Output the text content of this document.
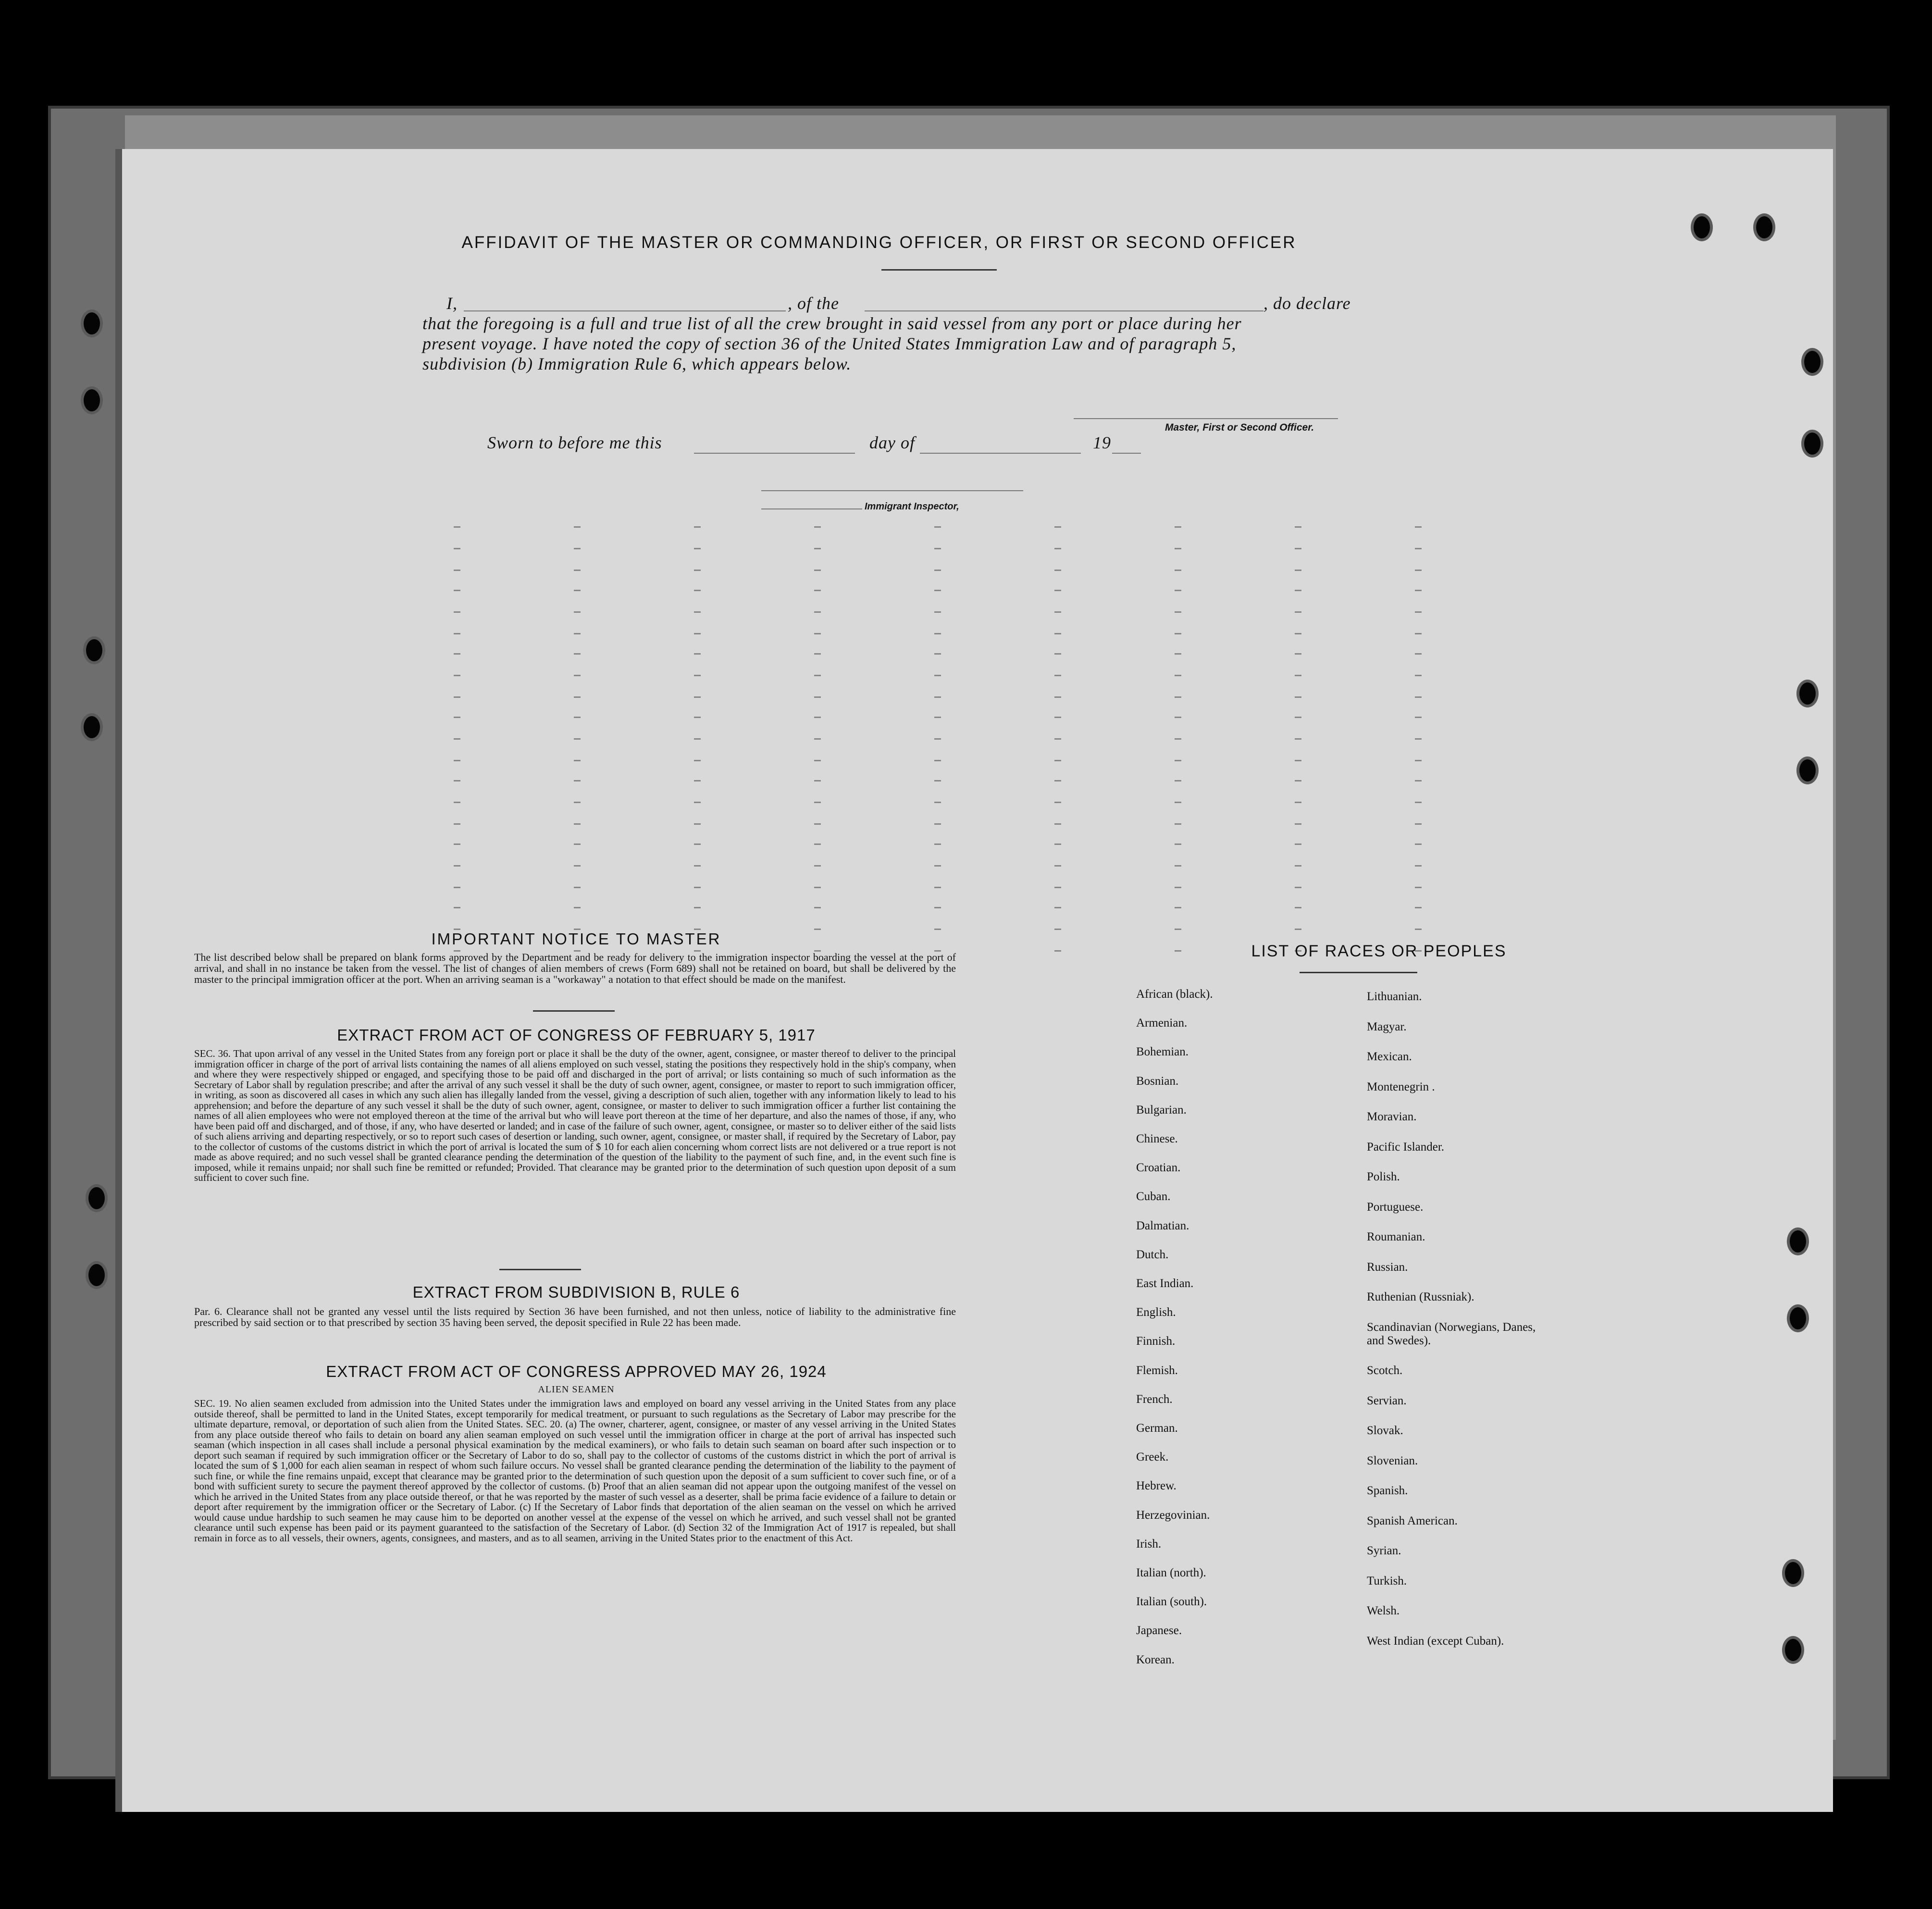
AFFIDAVIT OF THE MASTER OR COMMANDING OFFICER, OR FIRST OR SECOND OFFICER
I,	, of the	, do declare
that the foregoing is a full and true list of all the crew brought in said vessel from any port or place during her
present voyage. I have noted the copy of section 36 of the United States Immigration Law and of paragraph 5,
subdivision (b) Immigration Rule 6, which appears below.
Master, First or Second Officer.
Sworn to before me this	day of	19
Immigrant Inspector,
IMPORTANT NOTICE TO MASTER
The list described below shall be prepared on blank forms approved by the Department and be ready for delivery to the immigration inspector boarding the vessel at the port of arrival, and shall in no instance be taken from the vessel. The list of changes of alien members of crews (Form 689) shall not be retained on board, but shall be delivered by the master to the principal immigration officer at the port. When an arriving seaman is a "workaway" a notation to that effect should be made on the manifest.
EXTRACT FROM ACT OF CONGRESS OF FEBRUARY 5, 1917
SEC. 36. That upon arrival of any vessel in the United States from any foreign port or place it shall be the duty of the owner, agent, consignee, or master thereof to deliver to the principal immigration officer in charge of the port of arrival lists containing the names of all aliens employed on such vessel, stating the positions they respectively hold in the ship's company, when and where they were respectively shipped or engaged, and specifying those to be paid off and discharged in the port of arrival; or lists containing so much of such information as the Secretary of Labor shall by regulation prescribe; and after the arrival of any such vessel it shall be the duty of such owner, agent, consignee, or master to report to such immigration officer, in writing, as soon as discovered all cases in which any such alien has illegally landed from the vessel, giving a description of such alien, together with any information likely to lead to his apprehension; and before the departure of any such vessel it shall be the duty of such owner, agent, consignee, or master to deliver to such immigration officer a further list containing the names of all alien employees who were not employed thereon at the time of the arrival but who will leave port thereon at the time of her departure, and also the names of those, if any, who have been paid off and discharged, and of those, if any, who have deserted or landed; and in case of the failure of such owner, agent, consignee, or master so to deliver either of the said lists of such aliens arriving and departing respectively, or so to report such cases of desertion or landing, such owner, agent, consignee, or master shall, if required by the Secretary of Labor, pay to the collector of customs of the customs district in which the port of arrival is located the sum of $ 10 for each alien concerning whom correct lists are not delivered or a true report is not made as above required; and no such vessel shall be granted clearance pending the determination of the question of the liability to the payment of such fine, and, in the event such fine is imposed, while it remains unpaid; nor shall such fine be remitted or refunded; Provided. That clearance may be granted prior to the determination of such question upon deposit of a sum sufficient to cover such fine.
EXTRACT FROM SUBDIVISION B, RULE 6
Par. 6. Clearance shall not be granted any vessel until the lists required by Section 36 have been furnished, and not then unless, notice of liability to the administrative fine prescribed by said section or to that prescribed by section 35 having been served, the deposit specified in Rule 22 has been made.
EXTRACT FROM ACT OF CONGRESS APPROVED MAY 26, 1924
ALIEN SEAMEN
SEC. 19. No alien seamen excluded from admission into the United States under the immigration laws and employed on board any vessel arriving in the United States from any place outside thereof, shall be permitted to land in the United States, except temporarily for medical treatment, or pursuant to such regulations as the Secretary of Labor may prescribe for the ultimate departure, removal, or deportation of such alien from the United States. SEC. 20. (a) The owner, charterer, agent, consignee, or master of any vessel arriving in the United States from any place outside thereof who fails to detain on board any alien seaman employed on such vessel until the immigration officer in charge at the port of arrival has inspected such seaman (which inspection in all cases shall include a personal physical examination by the medical examiners), or who fails to detain such seaman on board after such inspection or to deport such seaman if required by such immigration officer or the Secretary of Labor to do so, shall pay to the collector of customs of the customs district in which the port of arrival is located the sum of $ 1,000 for each alien seaman in respect of whom such failure occurs. No vessel shall be granted clearance pending the determination of the liability to the payment of such fine, or while the fine remains unpaid, except that clearance may be granted prior to the determination of such question upon the deposit of a sum sufficient to cover such fine, or of a bond with sufficient surety to secure the payment thereof approved by the collector of customs. (b) Proof that an alien seaman did not appear upon the outgoing manifest of the vessel on which he arrived in the United States from any place outside thereof, or that he was reported by the master of such vessel as a deserter, shall be prima facie evidence of a failure to detain or deport after requirement by the immigration officer or the Secretary of Labor. (c) If the Secretary of Labor finds that deportation of the alien seaman on the vessel on which he arrived would cause undue hardship to such seamen he may cause him to be deported on another vessel at the expense of the vessel on which he arrived, and such vessel shall not be granted clearance until such expense has been paid or its payment guaranteed to the satisfaction of the Secretary of Labor. (d) Section 32 of the Immigration Act of 1917 is repealed, but shall remain in force as to all vessels, their owners, agents, consignees, and masters, and as to all seamen, arriving in the United States prior to the enactment of this Act.
LIST OF RACES OR PEOPLES
African (black).
Armenian.
Bohemian.
Bosnian.
Bulgarian.
Chinese.
Croatian.
Cuban.
Dalmatian.
Dutch.
East Indian.
English.
Finnish.
Flemish.
French.
German.
Greek.
Hebrew.
Herzegovinian.
Irish.
Italian (north).
Italian (south).
Japanese.
Korean.
Lithuanian.
Magyar.
Mexican.
Montenegrin .
Moravian.
Pacific Islander.
Polish.
Portuguese.
Roumanian.
Russian.
Ruthenian (Russniak).
Scandinavian (Norwegians, Danes, and Swedes).
Scotch.
Servian.
Slovak.
Slovenian.
Spanish.
Spanish American.
Syrian.
Turkish.
Welsh.
West Indian (except Cuban).
